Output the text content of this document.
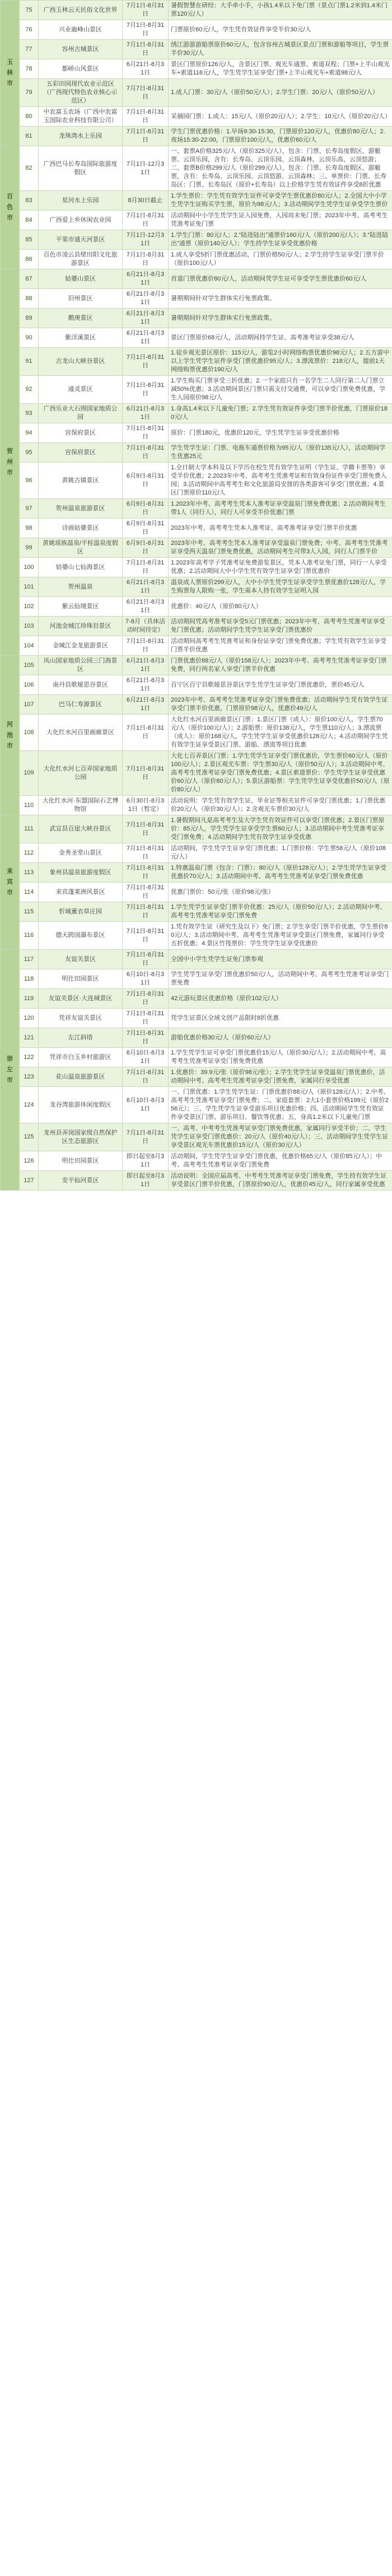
玉林市	75	广西玉林云天民俗文化世界	7月1日-8月31日	暑假智慧在研经：大手牵小手，小孩1.4米以下免门票（景点门票1.2米到1.4米门票120元/人）
	76	兴业鹿峰山景区	7月1日-8月31日	门票原价60元/人，学生凭有效证件享受半价30元/人
	77	容州古城景区	7月1日-8月31日	绣江游游游船票原价60元/人，包含容州古城景区景点门票和游船等项目，学生票半价30元/人
	78	都峤山风景区	6月21日-8月31日	景区门票原价126元/人，含景区门票、观光车通票、索道双程；门票+上半山观光车+索道116元/人，学生凭学生证享受门票+上半山观光车+索道98元/人
	79	五彩田园现代农业示范区（广西现代特色农业核心示范区）	7月7日-8月31日	1.成人门票：30元/人（原价50元/人）；2.学生门票：20元/人（原价50元/人）
	80	中农富玉农场（广西中农富玉国际农业科技有限公司）	7月1日-8月31日	采摘园门票：1.成人：15元/人（原价20元/人）；2.学生：10元/人（原价20元/人）
	81	龙珠湾水上乐园	7月1日-8月31日	学生门票优惠价格：1.早场9:30-15:30，门票原价120元/人，优惠价80元/人；2.夜场15:30-22:00，门票原价100元/人，优惠价60元/人
百色市	82	广西巴马长寿岛国际旅游度假区	7月1日-12月31日	一、套票A价格325元/人（原价325元/人），包含：门票、长寿岛度假区、游艇票、云顶乐园，含有：长寿岛、云顶乐园、云顶森林，云顶乐高、云顶悠游；二、套票B价格299元/人（原价299元/人），包含：门票、长寿岛度假区、游艇票，含有：长寿岛、云顶乐园、云顶悠游、云顶森林；三、单票价：门票、长寿岛区：门票、长寿岛区（原价+长寿岛）以上价格学生凭有效证件享受8折优惠
	83	星河水上乐园	8月30日截止	1.学生票价：学生凭有效学生证件可享受学生票优惠价80元/人；2.全国大中小学生凭学生证购买学生票，原价为98元/人；3.活动期间学生凭学生证享受学生票价
	84	广西爱上乡休闲农业园	7月1日-8月31日	活动期间中小学生凭学生证入园免费，入园周末免门票；2023年中考、高考考生凭准考证免门票
	85	平果市通天河景区	7月1日-12月31日	1.学生门票：80元/人；2.“陆进陆出”通票价160元/人（原价200元/人）；3.“陆进陆出”通票（原价140元/人）；学生持学生证享受优惠价格
	86	百色市凌云县壁田阳文化旅游景区	7月1日-8月31日	1.成人享受5折门票优惠活动，门票价格50元/人；2.学生持学生证享受门票半价（原价100元/人）
贺州市	87	姑婆山景区	6月21日-8月31日	首道门票优惠价80元/人，活动期间凭学生证可享受学生票优惠价60元/人
	88	旧州景区	6月21日-8月31日	暑期期间针对学生群体实行免票政策。
	89	鹅庚景区	6月21日-8月31日	暑期期间针对学生群体实行免票政策。
	90	紫洋溪景区	6月21日-8月31日	景区门票原价68元/人，活动期间持学生证、高考准考证享受38元/人
	91	古龙山大峡谷景区	7月1日-8月31日	1.徒步观光景区原价：115元/人，游览2小时网络购票优惠价98元/人；2.五方游中以上学生凭学生证件享受门票优惠价95元/人；3.漂流票价：218元/人，提前1天网络购票优惠价190元/人
	92	通灵景区	7月1日-8月31日	1.学生购买门票享受三折优惠；2.一个家庭只有一名学生二人同行第二人门票立减50%优惠；3.活动期间景区门票只需支付交通费，可以享受门票免费优惠，学生入园原价98元/人
	93	广西乐业大石围国家地质公园	6月21日-8月31日	1.身高1.4米以下儿童免门票；2.学生凭有效证件享受门票半价优惠，门票原价180元/人
	94	宫保府景区	7月1日-8月31日	原价：门票180元，优惠价120元，学生凭学生证享受优惠价格
	95	宫保府景区	7月1日-8月31日	学生凭学生证：门票、电瓶车通票价格为95元/人（原价135元/人），活动期间学生优惠25元
	96	黄姚古镇景区	6月9日-8月31日	1.全日制大学本科及以下学历在校生凭有效学生证明（学生证、学籍卡票等）享受半价优惠；2.2023年中考、高考考生凭准考证和有效身份证件享受门票免费入园；3.活动期间中高考考生和文化旅游局安排的各类游客可享受门票优惠；4.景区门票原价110元/人
	97	贺州温泉旅游景区	6月9日-8月31日	1.2023年中考、高考考生凭本人准考证享受温泉门票免费优惠；2.活动期间考生带1人（同行人），同行人可享受半价优惠门票
	98	诗画姑婆景区	6月9日-8月31日	2023年中考、高考考生凭本人准考证、高考准考证享受门票半价优惠
	99	黄姚瑶族温泉/平桂温泉度假区	6月9日-8月31日	2023年中考、高考考生凭本人准考证享受温泉门票免费；中考、高考考生凭准考证享受两天温泉门票免费优惠，活动期间考生可带3人入园，同行人门票半价
	100	姑婆山七仙海景区	7月1日-8月31日	1.2023年高考学子凭准考证免费游览景区，凭本人准考证免门票，同行一人享受优惠；2.活动期间大中小学生凭有效学生证享受门票优惠价
	101	贺州温泉	6月21日-8月31日	温泉成人票原价299元/人，大中小学生凭学生证享受学生票优惠价128元/人，学生购票每人限购一张，学生需本人持有效学生证明入园
	102	紫云仙境景区	6月21日-8月31日	优惠价：40元/人（原价80元/人）
	103	河池金城江珍珠岩景区	7-8月（具体活动时间待定）	活动期间凭高考准考证享受5元门票优惠；2023年中考、高考考生凭准考证享受免门票优惠；活动期间学生凭学生证享受门票优惠价
	104	金城江金龙旅游景区	7月1日-8月31日	活动期间高考考生凭准考证和身份证享受门票免费优惠；学生凭有效学生证享受门票半价优惠
河池市	105	凤山国家地质公园三门海景区	6月21日-8月31日	门票优惠价88元/人（原价158元/人）；2023年中考、高考考生凭准考证享受门票免费，同行两名家人享受门票半价优惠
	106	南丹县歌娅思谷景区	6月21日-8月31日	百宁区百宁县歌娅思谷景区学生凭学生证享受门票优惠价，票价45元/人
	107	巴马仁寿源景区	6月21日-8月31日	2023年中考、高考考生凭准考证享受门票免费优惠；活动期间学生凭有效学生证享受门票半价优惠，门票原价98元/人，优惠价49元/人
	108	大化红水河百里画廊景区	7月1日-8月31日	大化红水河百里画廊景区门票：1.景区门票（成人）：原价100元/人，学生票70元/人（原价100元/人）；2.游船票：原价138元/人，学生票110元/人；3.漂流票（成人）：原价168元/人，学生凭学生证享受优惠价128元/人；4.活动期间学生凭有效学生证享受景区门票、游船、漂流等项目优惠
	109	大化红水河七百弄国家地质公园	7月1日-8月31日	大化七百弄景区门票：1.学生凭学生证享受门票优惠价，学生票价60元/人（原价100元/人）；2.景区观光车票：学生票30元/人（原价50元/人）；3.活动期间中考、高考考生凭准考证享受门票免费优惠；4.景区索道票价：学生凭学生证享受优惠价60元/人（原价80元/人）；5.景区游船票：学生凭学生证享受优惠价50元/人（原价80元/人）
	110	大化红水河·东盟国际石艺博物馆	6月30日-8月31日（暂定）	活动说明：学生凭有效学生证、毕业证等相关证件可享受门票优惠；1.门票优惠价20元/人（原价30元/人）；2.含观光车票价30元/人
来宾市	111	武宣县百崖大峡谷景区	7月1日-8月31日	1.暑假期间凡是高考考生及大学生凭有效证件可以享受门票优惠；2.景区门票原价：85元/人，学生凭学生证享受学生票60元/人；3.活动期间中考生凭准考证享受门票免费；4.活动期间学生凭有效学生证享受优惠
	112	金秀圣堂山景区	7月1日-8月31日	活动期间，学生凭学生证享受门票优惠；1.门票价格：学生票58元/人（原价108元/人）
	113	象州县温泉旅游度假区	7月1日-8月31日	1.特惠温泉门票（包含：门票）：80元/人（原价128元/人）；2.学生凭学生证享受优惠价70元/人；3.活动期间中考、高考考生凭准考证享受门票免费优惠
	114	来宾蓬莱洲风景区	7月1日-8月31日	优惠门票价：50元/张（原价98元/张）
	115	忻城薰衣草庄园	7月1日-8月31日	1.学生凭学生证享受门票半价优惠：25元/人（原价50元/人）；2.活动期间中考、高考考生凭准考证享受门票免费
	116	德天跨国瀑布景区	7月1日-8月31日	1.凭有效学生证（研究生及以下）免门票；2.学生享受门票半价优惠，学生票价80元/人；3.活动期间中考、高考考生凭准考证享受景区门票免费，家属同行享受五折优惠；4.景区竹筏票价：学生凭学生证享受优惠价
崇左市	117	友谊关景区	7月1日-8月31日	全国中小学生凭学生证免门票参观
	118	明仕田园景区	6月10日-8月31日	学生凭学生证享受门票优惠价50元/人，活动期间中考、高考考生凭准考证享受门票免费
	119	友谊关景区·大连城景区	7月1日-8月31日	42元游玩景区优惠价格（原价102元/人）
	120	凭祥友谊关景区	7月1日-8月31日	凭学生证景区全域文创产品限时8折优惠
	121	左江斜塔	7月1日-8月31日	游船优惠价格30元/人（原价60元/人）
	122	凭祥市白玉乡村旅游区	6月10日-8月31日	1.学生凭学生证可享受门票优惠价15元/人（原价30元/人）；2.活动期间中考、高考考生凭准考证享受门票免费优惠
	123	花山温泉旅游景区	7月1日-8月31日	1.优惠价：39.9元/张（原价98元/张）；2.学生凭学生证享受温泉门票优惠价，活动期间中考、高考考生凭准考证享受门票免费，家属同行享受优惠
	124	龙谷湾旅游休闲度假区	6月10日-8月31日	一、门票优惠：1.学生凭学生证：门票优惠价88元/人（原价128元/人）；2.中考、高考考生凭准考证享受门票免费；二、家庭套票：2大1小套票价格199元（原价256元）；三、学生凭学生证享受游乐项目优惠价格；四、活动期间学生凭有效证件享受景区门票、游乐项目、餐饮等优惠；五、身高1.2米以下儿童免门票
	125	龙州县弄岗国家级自然保护区生态旅游区	7月1日-8月31日	一、高考、中考考生凭准考证享受门票免费优惠，家属同行享受半价；二、学生凭学生证享受门票优惠价：20元/人（原价40元/人）；三、活动期间学生凭学生证享受景区观光车票优惠价15元/人（原价30元/人）
	126	明仕田园景区	即日起至8月31日	活动期间，学生凭学生证享受门票优惠，优惠价格65元/人（原价85元/人）；中考、高考考生凭准考证享受门票免费
	127	安平仙河景区	即日起至8月31日	活动说明：全国应届高考、中考考生凭准考证享受门票免费，学生持有效学生证享受景区门票半价优惠，门票原价90元/人，优惠价45元/人，同行家属享受优惠
